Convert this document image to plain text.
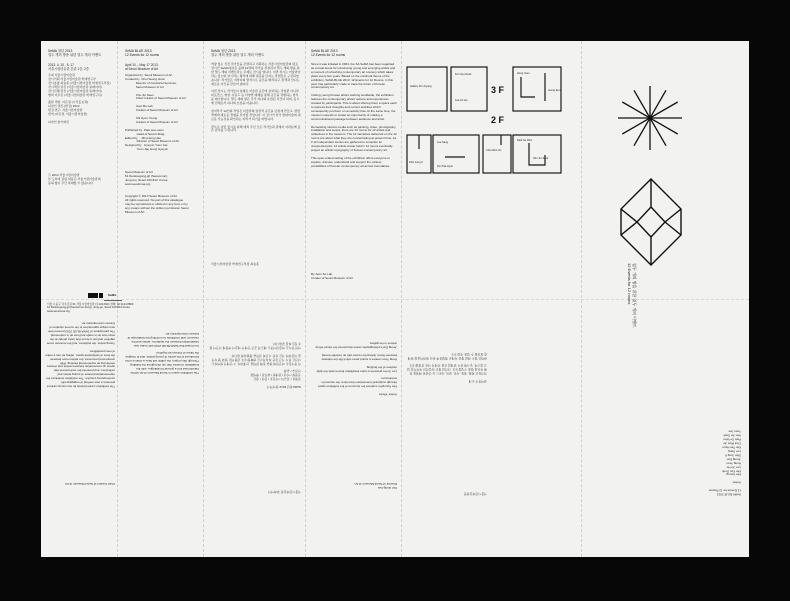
SeMA 청년 2013
열두 개의 방을 위한 열두 개의 이벤트
2013. 4. 10 - 5. 17
서울시립미술관 본관 1층, 2층
주최 서울시립미술관
전시기획 서울시립미술관 학예연구부
전시총괄 최승훈 (서울시립미술관 학예연구부장)
전시책임 권진 (서울시립미술관 큐레이터)
전시진행 권진 (서울시립미술관 큐레이터)
협력 이수진 (서울시립미술관 학예연구사)

출판 책임: 이은정 (시각홍보과)
디자인 권진 (편집) 2013
편집 연구: 서울시립미술관
번역 (이은정, 서울시립미술관)

디자인 슬기와민
ⓒ 2013 서울시립미술관
본 도록에 실린 내용은 서울시립미술관의
동의 없이 무단 복제할 수 없습니다.
SeMA BLUE 2013
12 Events for 12 rooms
April 10 – May 17 2013,
at Seoul Museum of Art
Organized by  Seoul Museum of Art
Curated by  Choi Seung Hoon
Director of Curatorial Services,
Seoul Museum of Art

Chu Jin Seun
Chief Curator of Seoul Museum of Art

Jeon Bo Lah
Curator of Seoul Museum of Art

Shi Hyun Young
Curator of Seoul Museum of Art

Published by  Park woo-seon
Head of Seoul Hilrag
Edited by     Min-Hong Hae
Director of Seoul Museum of Art
Designed by   Hyeyun Yoon Jae
Yoon Jae Hong Hyeyun
Seoul Museum of Art
61 Deoksugung-gil (Seosomun),
Jung-Gu, Seoul 100-813, Korea
www.seoulmoa.org
Copyright © 2013 Seoul Museum of Art
All rights reserved. No part of this catalogue
may be reproduced or utilized in any form or by
any means without the written permission Seoul
Museum of Art.
SeMA 청년 2013
열두 개의 방을 위한 열두 개의 이벤트
역량 있는 신진 작가들을 조명하고 지원하는 서울시립미술관의 대표 전시인 SeMA청년은 올해 12명의 작가를 선정하여 열두 개의 방을 위한 열두 개의 이벤트라는 주제로 전시를 엽니다. 이번 전시는 미술관이라는 장소와 전시라는 형식에 대해 질문을 던지는 작업들로 구성되었습니다. 작가들은 저마다의 방식으로 공간을 해석하고, 관객과 만나는 새로운 사건을 만들어 냅니다.

이번 전시는 작가들이 실제로 미술관 공간에 설치하는 작업뿐 아니라 퍼포먼스, 영상, 사운드 등 다양한 매체를 통해 공간을 경험하는 방식을 제시합니다. 열두 개의 방은 각각 하나의 독립된 사건이 되며, 동시에 전체로서 하나의 흐름을 이룹니다.

참여작가 12인의 작업은 미술관의 일상적 공간을 낯설게 만들고, 관람객에게 새로운 경험을 선사할 것입니다. 이 전시가 한국 현대미술의 새로운 가능성을 확인하는 자리가 되기를 바랍니다.

끝으로 이번 전시를 위해 애써 주신 모든 작가들과 관계자 여러분께 깊은 감사를 드립니다.
서울시립미술관 학예연구부장 최승훈
SeMA BLUE 2013
12 Events for 12 rooms
Since it was initiated in 2004, the SA SeMA has been regarded as a focal arena for introducing young and emerging artists and a moment of refreshing contemporary art scenery which takes place every two years. Based on the continual theme of the exhibition, SeMA BLUE 2013: 12 Events for 12 Rooms, in this year, has particularly made to trace the future of Korean contemporary art.

Inviting young Korean artists working worldwide, the exhibition features the contemporary artists' actions and experiences created by participants. This is about offering them a space each to express their thoughts and current activities which consequently put them on an activity flow. At the same time, the museum expects to create an opportunity of making a communicational passage between audience and artist.

Demanding various media such as painting, video, photography, installation and sound, there are 12 rooms for 12 artists and collectives in the museum. The 12 narratives delivered on the 12 rooms are about what they are concentrating at present time. As if 12 independent stories are gathered to complete an unexpected plot, 12 artists create held in 12 rooms eventually project an artistic topography of Korean contemporary art.

This open-ended setting of the exhibition offers everyone to explore, discuss, understand and support the various possibilities of Korean contemporary art across boundaries.
By Jeon So Lah,
Curator of Seoul Museum of Art
3 F
2 F
Gallery Kim Kyung
Kim Kyu Deok
Lee Jin Ho
Hong Yeon
Jeong Eun
Shin Jung Il
Lee Sang
Kim Tae Hyun
Choi Woo Jin
Park Se Won
Ahn Jin Sook
열두 개의 방을 위한 열두 개의 이벤트
12 Events for 12 rooms
The exhibition curated jointly by two young curators presents a new method of engaging with contemporary practice. The exhibition embraces the representational power of young artists and collectives, and presents the environment that opens up conversation between artists and viewers, reinforcing an experimental thinking. With unexpected processes, the artists move between the lines of institutional space, taking art into a realm of new possibilities.

Young artists, the audience, and the museum come together and join a forum that looks deeply at the ways how art is made and how art is understood. The participants of SeMA BLUE 2013 present their own unique approaches to the current situation of Korean contemporary art.
Chief Curator of Seoul Museum of Art
The exhibition space in Seoul Museum of Art will be transformed into a ground for dialogue, with the installation of works that run throughout the building. Through this project, the public will have a chance to be introduced to the works of young artists, and to imagine the future of Korean art together.

It is hoped that SeMA BLUE 2013 will create new relationships between the audience, artists and the museum, and contribute to enriching the landscape of Korean contemporary art.
SeMA청년 2013 참여작가

김경호 / 김규덕 / 이진호 / 홍연 / 정은
신정일 / 이상 / 김태현 / 최우진 / 박세원
안진숙 / 윤재

각 작가들은 자신만의 방을 통해 관객을 초대하며, 그 안에서 벌어지는 사건은 전시 기간 동안 지속적으로 변화합니다. 관람객은 방과 방 사이를 이동하며 서로 다른 시간과 감각을 경험하게 됩니다.

이번 전시는 미술관이라는 제도적 공간 안에서 예술이 어떻게 사건이 될 수 있는지를 묻습니다.
서울시립미술관 큐레이터
Artists' Works

Kim Kyung-ho explores the structure of the exhibition space through sculptural interventions that mirror the museum's architecture.

Lee Jin-ho presents a video installation that records the daily rhythms of the building.

Hong Yeon creates a sound piece which fills the stairway between floors, linking the rooms with an invisible thread.

Jeong Eun's photographic series documents the traces left by visitors in the gallery.
Kim Hong-hee
Director of Seoul Museum of Art
참여작가 소개

작가들은 회화, 영상, 사진, 설치, 사운드 등 다양한 매체를 통해 자신의 방을 구성합니다. 각각의 방은 독립적인 이야기를 담고 있으며, 동시에 전시 전체의 흐름 속에서 서로 연결됩니다.

관객은 열두 개의 방을 차례로 경험하며 한국 현대미술의 현재를 살펴볼 수 있을 것입니다.
서울시립미술관장	SeMA BLUE 2013
12 Events for 12 Rooms

Artists

Kim Kyung
Kim Kyu Deok
Lee Jin Ho
Hong Yeon
Jeong Eun
Shin Jung Il
Lee Sang
Kim Tae Hyun
Choi Woo Jin
Park Se Won
Ahn Jin Sook
Yoon Jae
SeMA
서울시 중구 덕수궁길 61 서울시립미술관 (우100-813) 전화: 02 2124 8800
61 Deoksugung-gil (Seosomun-dong), Jung-gu, Seoul 100-813 Korea
www.seoulmoa.org
